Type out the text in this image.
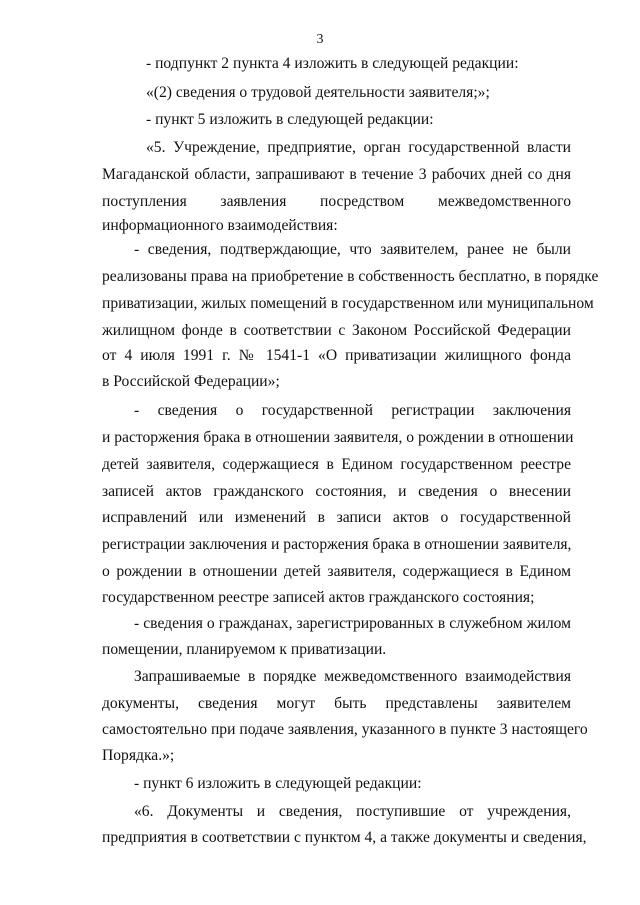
3
- подпункт 2 пункта 4 изложить в следующей редакции:
«(2) сведения о трудовой деятельности заявителя;»;
- пункт 5 изложить в следующей редакции:
«5. Учреждение, предприятие, орган государственной власти
Магаданской области, запрашивают в течение 3 рабочих дней со дня
поступления заявления посредством межведомственного
информационного взаимодействия:
- сведения, подтверждающие, что заявителем, ранее не были
реализованы права на приобретение в собственность бесплатно, в порядке
приватизации, жилых помещений в государственном или муниципальном
жилищном фонде в соответствии с Законом Российской Федерации
от 4 июля 1991 г. № 1541-1 «О приватизации жилищного фонда
в Российской Федерации»;
- сведения о государственной регистрации заключения
и расторжения брака в отношении заявителя, о рождении в отношении
детей заявителя, содержащиеся в Едином государственном реестре
записей актов гражданского состояния, и сведения о внесении
исправлений или изменений в записи актов о государственной
регистрации заключения и расторжения брака в отношении заявителя,
о рождении в отношении детей заявителя, содержащиеся в Едином
государственном реестре записей актов гражданского состояния;
- сведения о гражданах, зарегистрированных в служебном жилом
помещении, планируемом к приватизации.
Запрашиваемые в порядке межведомственного взаимодействия
документы, сведения могут быть представлены заявителем
самостоятельно при подаче заявления, указанного в пункте 3 настоящего
Порядка.»;
- пункт 6 изложить в следующей редакции:
«6. Документы и сведения, поступившие от учреждения,
предприятия в соответствии с пунктом 4, а также документы и сведения,
